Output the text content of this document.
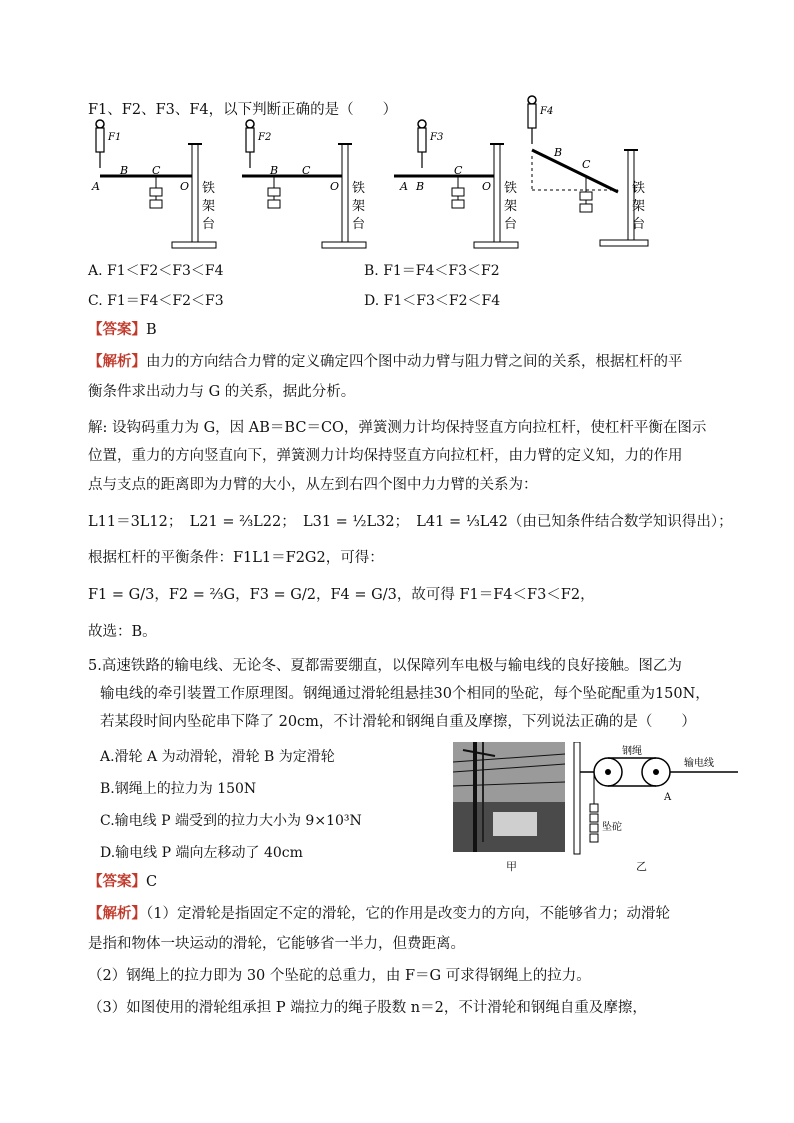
F1、F2、F3、F4，以下判断正确的是（　　）
F1
A
B C
O 铁
架
台
F2
B C
O 铁
架
台
F3
A B
C
O 铁
架
台
F4
B
C
铁
架
台
A. F1＜F2＜F3＜F4	B. F1＝F4＜F3＜F2
C. F1＝F4＜F2＜F3	D. F1＜F3＜F2＜F4
【答案】B
【解析】由力的方向结合力臂的定义确定四个图中动力臂与阻力臂之间的关系，根据杠杆的平
衡条件求出动力与 G 的关系，据此分析。
解: 设钩码重力为 G，因 AB＝BC＝CO，弹簧测力计均保持竖直方向拉杠杆，使杠杆平衡在图示
位置，重力的方向竖直向下，弹簧测力计均保持竖直方向拉杠杆，由力臂的定义知，力的作用
点与支点的距离即为力臂的大小，从左到右四个图中力力臂的关系为：
L11＝3L12；　L21 = ⅔L22；　L31 = ½L32；　L41 = ⅓L42（由已知条件结合数学知识得出）；
根据杠杆的平衡条件：F1L1＝F2G2，可得：
F1 = G/3，F2 = ⅔G，F3 = G/2，F4 = G/3，故可得 F1＝F4＜F3＜F2，
故选：B。
5.高速铁路的输电线、无论冬、夏都需要绷直，以保障列车电极与输电线的良好接触。图乙为
输电线的牵引装置工作原理图。钢绳通过滑轮组悬挂30个相同的坠砣，每个坠砣配重为150N，
若某段时间内坠砣串下降了 20cm，不计滑轮和钢绳自重及摩擦，下列说法正确的是（　　）
A.滑轮 A 为动滑轮，滑轮 B 为定滑轮
B.钢绳上的拉力为 150N
C.输电线 P 端受到的拉力大小为 9×10³N
D.输电线 P 端向左移动了 40cm
甲
钢绳
输电线
A
坠砣
乙
【答案】C
【解析】（1）定滑轮是指固定不定的滑轮，它的作用是改变力的方向，不能够省力；动滑轮
是指和物体一块运动的滑轮，它能够省一半力，但费距离。
（2）钢绳上的拉力即为 30 个坠砣的总重力，由 F＝G 可求得钢绳上的拉力。
（3）如图使用的滑轮组承担 P 端拉力的绳子股数 n＝2，不计滑轮和钢绳自重及摩擦，
